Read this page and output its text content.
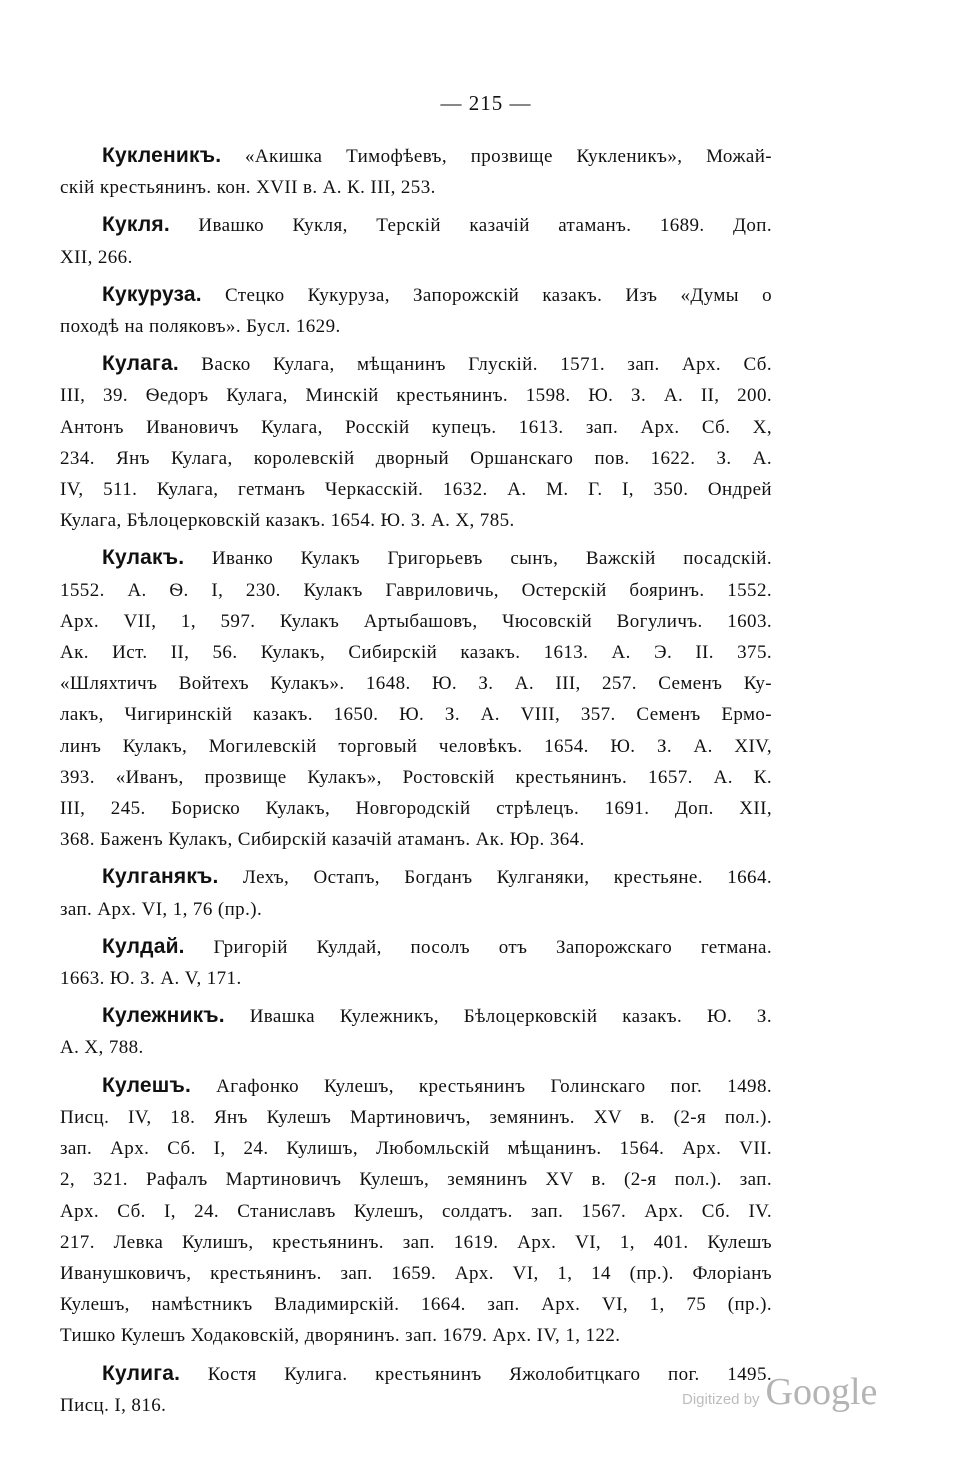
— 215 —
Кукленикъ. «Акишка Тимофѣевъ, прозвище Кукленикъ», Можай-
скій крестьянинъ. кон. XVII в. А. К. III, 253.
Кукля. Ивашко Кукля, Терскій казачій атаманъ. 1689. Доп.
XII, 266.
Кукуруза. Стецко Кукуруза, Запорожскій казакъ. Изъ «Думы о
походѣ на поляковъ». Бусл. 1629.
Кулага. Васко Кулага, мѣщанинъ Глускій. 1571. зап. Арх. Сб.
III, 39. Ѳедоръ Кулага, Минскій крестьянинъ. 1598. Ю. З. А. II, 200.
Антонъ Ивановичъ Кулага, Росскій купецъ. 1613. зап. Арх. Сб. X,
234. Янъ Кулага, королевскій дворный Оршанскаго пов. 1622. З. А.
IV, 511. Кулага, гетманъ Черкасскій. 1632. А. М. Г. I, 350. Ондрей
Кулага, Бѣлоцерковскій казакъ. 1654. Ю. З. А. X, 785.
Кулакъ. Иванко Кулакъ Григорьевъ сынъ, Важскій посадскій.
1552. А. Ѳ. I, 230. Кулакъ Гавриловичь, Остерскій бояринъ. 1552.
Арх. VII, 1, 597. Кулакъ Артыбашовъ, Чюсовскій Вогуличъ. 1603.
Ак. Ист. II, 56. Кулакъ, Сибирскій казакъ. 1613. А. Э. II. 375.
«Шляхтичъ Войтехъ Кулакъ». 1648. Ю. З. А. III, 257. Семенъ Ку-
лакъ, Чигиринскій казакъ. 1650. Ю. З. А. VIII, 357. Семенъ Ермо-
линъ Кулакъ, Могилевскій торговый человѣкъ. 1654. Ю. З. А. XIV,
393. «Иванъ, прозвище Кулакъ», Ростовскій крестьянинъ. 1657. А. К.
III, 245. Бориско Кулакъ, Новгородскій стрѣлецъ. 1691. Доп. XII,
368. Баженъ Кулакъ, Сибирскій казачій атаманъ. Ак. Юр. 364.
Кулганякъ. Лехъ, Остапъ, Богданъ Кулганяки, крестьяне. 1664.
зап. Арх. VI, 1, 76 (пр.).
Кулдай. Григорій Кулдай, посолъ отъ Запорожскаго гетмана.
1663. Ю. З. А. V, 171.
Кулежникъ. Ивашка Кулежникъ, Бѣлоцерковскій казакъ. Ю. З.
А. X, 788.
Кулешъ. Агафонко Кулешъ, крестьянинъ Голинскаго пог. 1498.
Писц. IV, 18. Янъ Кулешъ Мартиновичъ, земянинъ. XV в. (2-я пол.).
зап. Арх. Сб. I, 24. Кулишъ, Любомльскій мѣщанинъ. 1564. Арх. VII.
2, 321. Рафалъ Мартиновичъ Кулешъ, земянинъ XV в. (2-я пол.). зап.
Арх. Сб. I, 24. Станиславъ Кулешъ, солдатъ. зап. 1567. Арх. Сб. IV.
217. Левка Кулишъ, крестьянинъ. зап. 1619. Арх. VI, 1, 401. Кулешъ
Иванушковичъ, крестьянинъ. зап. 1659. Арх. VI, 1, 14 (пр.). Флоріанъ
Кулешъ, намѣстникъ Владимирскій. 1664. зап. Арх. VI, 1, 75 (пр.).
Тишко Кулешъ Ходаковскій, дворянинъ. зап. 1679. Арх. IV, 1, 122.
Кулига. Костя Кулига. крестьянинъ Яжолобитцкаго пог. 1495.
Писц. I, 816.	Digitized by Google
